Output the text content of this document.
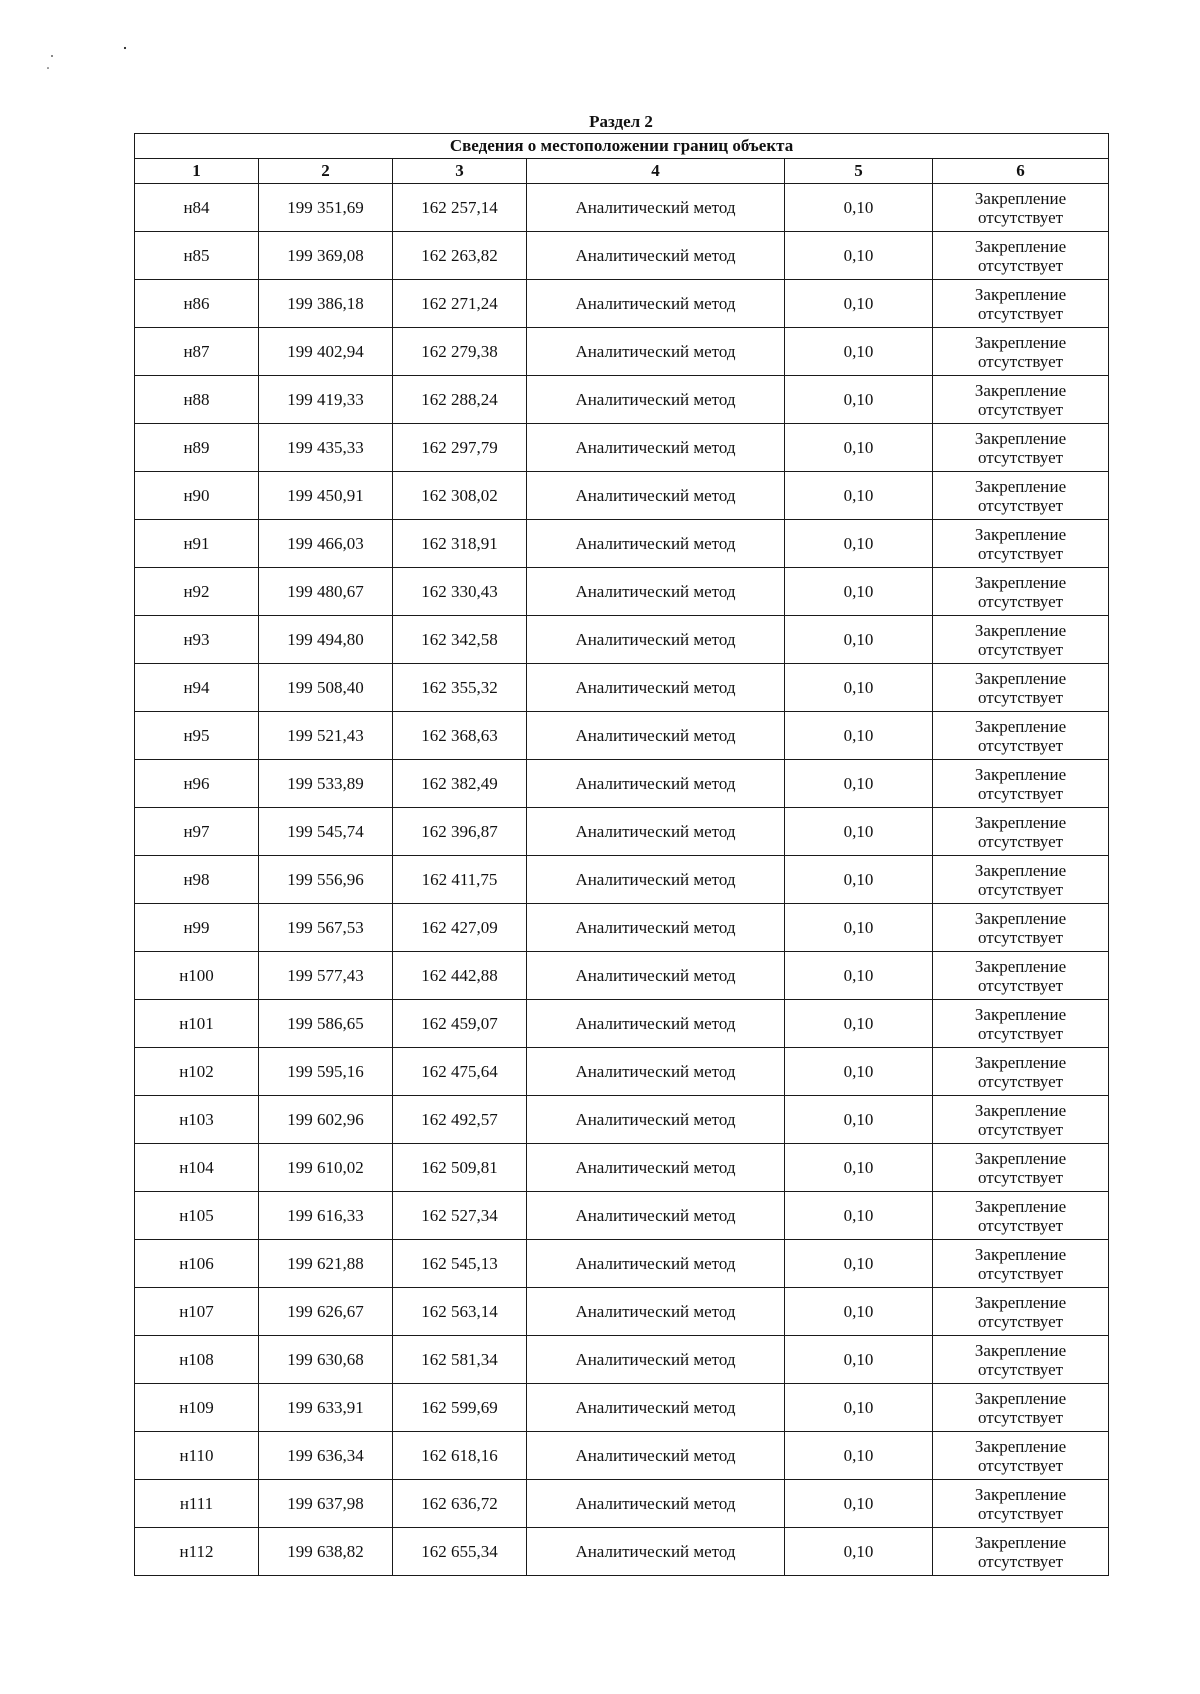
Раздел 2
Сведения о местоположении границ объекта					
1	2	3	4	5	6
н84	199 351,69	162 257,14	Аналитический метод	0,10	Закрепление
отсутствует

н85	199 369,08	162 263,82	Аналитический метод	0,10	Закрепление
отсутствует

н86	199 386,18	162 271,24	Аналитический метод	0,10	Закрепление
отсутствует

н87	199 402,94	162 279,38	Аналитический метод	0,10	Закрепление
отсутствует

н88	199 419,33	162 288,24	Аналитический метод	0,10	Закрепление
отсутствует

н89	199 435,33	162 297,79	Аналитический метод	0,10	Закрепление
отсутствует

н90	199 450,91	162 308,02	Аналитический метод	0,10	Закрепление
отсутствует

н91	199 466,03	162 318,91	Аналитический метод	0,10	Закрепление
отсутствует

н92	199 480,67	162 330,43	Аналитический метод	0,10	Закрепление
отсутствует

н93	199 494,80	162 342,58	Аналитический метод	0,10	Закрепление
отсутствует

н94	199 508,40	162 355,32	Аналитический метод	0,10	Закрепление
отсутствует

н95	199 521,43	162 368,63	Аналитический метод	0,10	Закрепление
отсутствует

н96	199 533,89	162 382,49	Аналитический метод	0,10	Закрепление
отсутствует

н97	199 545,74	162 396,87	Аналитический метод	0,10	Закрепление
отсутствует

н98	199 556,96	162 411,75	Аналитический метод	0,10	Закрепление
отсутствует

н99	199 567,53	162 427,09	Аналитический метод	0,10	Закрепление
отсутствует

н100	199 577,43	162 442,88	Аналитический метод	0,10	Закрепление
отсутствует

н101	199 586,65	162 459,07	Аналитический метод	0,10	Закрепление
отсутствует

н102	199 595,16	162 475,64	Аналитический метод	0,10	Закрепление
отсутствует

н103	199 602,96	162 492,57	Аналитический метод	0,10	Закрепление
отсутствует

н104	199 610,02	162 509,81	Аналитический метод	0,10	Закрепление
отсутствует

н105	199 616,33	162 527,34	Аналитический метод	0,10	Закрепление
отсутствует

н106	199 621,88	162 545,13	Аналитический метод	0,10	Закрепление
отсутствует

н107	199 626,67	162 563,14	Аналитический метод	0,10	Закрепление
отсутствует

н108	199 630,68	162 581,34	Аналитический метод	0,10	Закрепление
отсутствует

н109	199 633,91	162 599,69	Аналитический метод	0,10	Закрепление
отсутствует

н110	199 636,34	162 618,16	Аналитический метод	0,10	Закрепление
отсутствует

н111	199 637,98	162 636,72	Аналитический метод	0,10	Закрепление
отсутствует

н112	199 638,82	162 655,34	Аналитический метод	0,10	Закрепление
отсутствует
